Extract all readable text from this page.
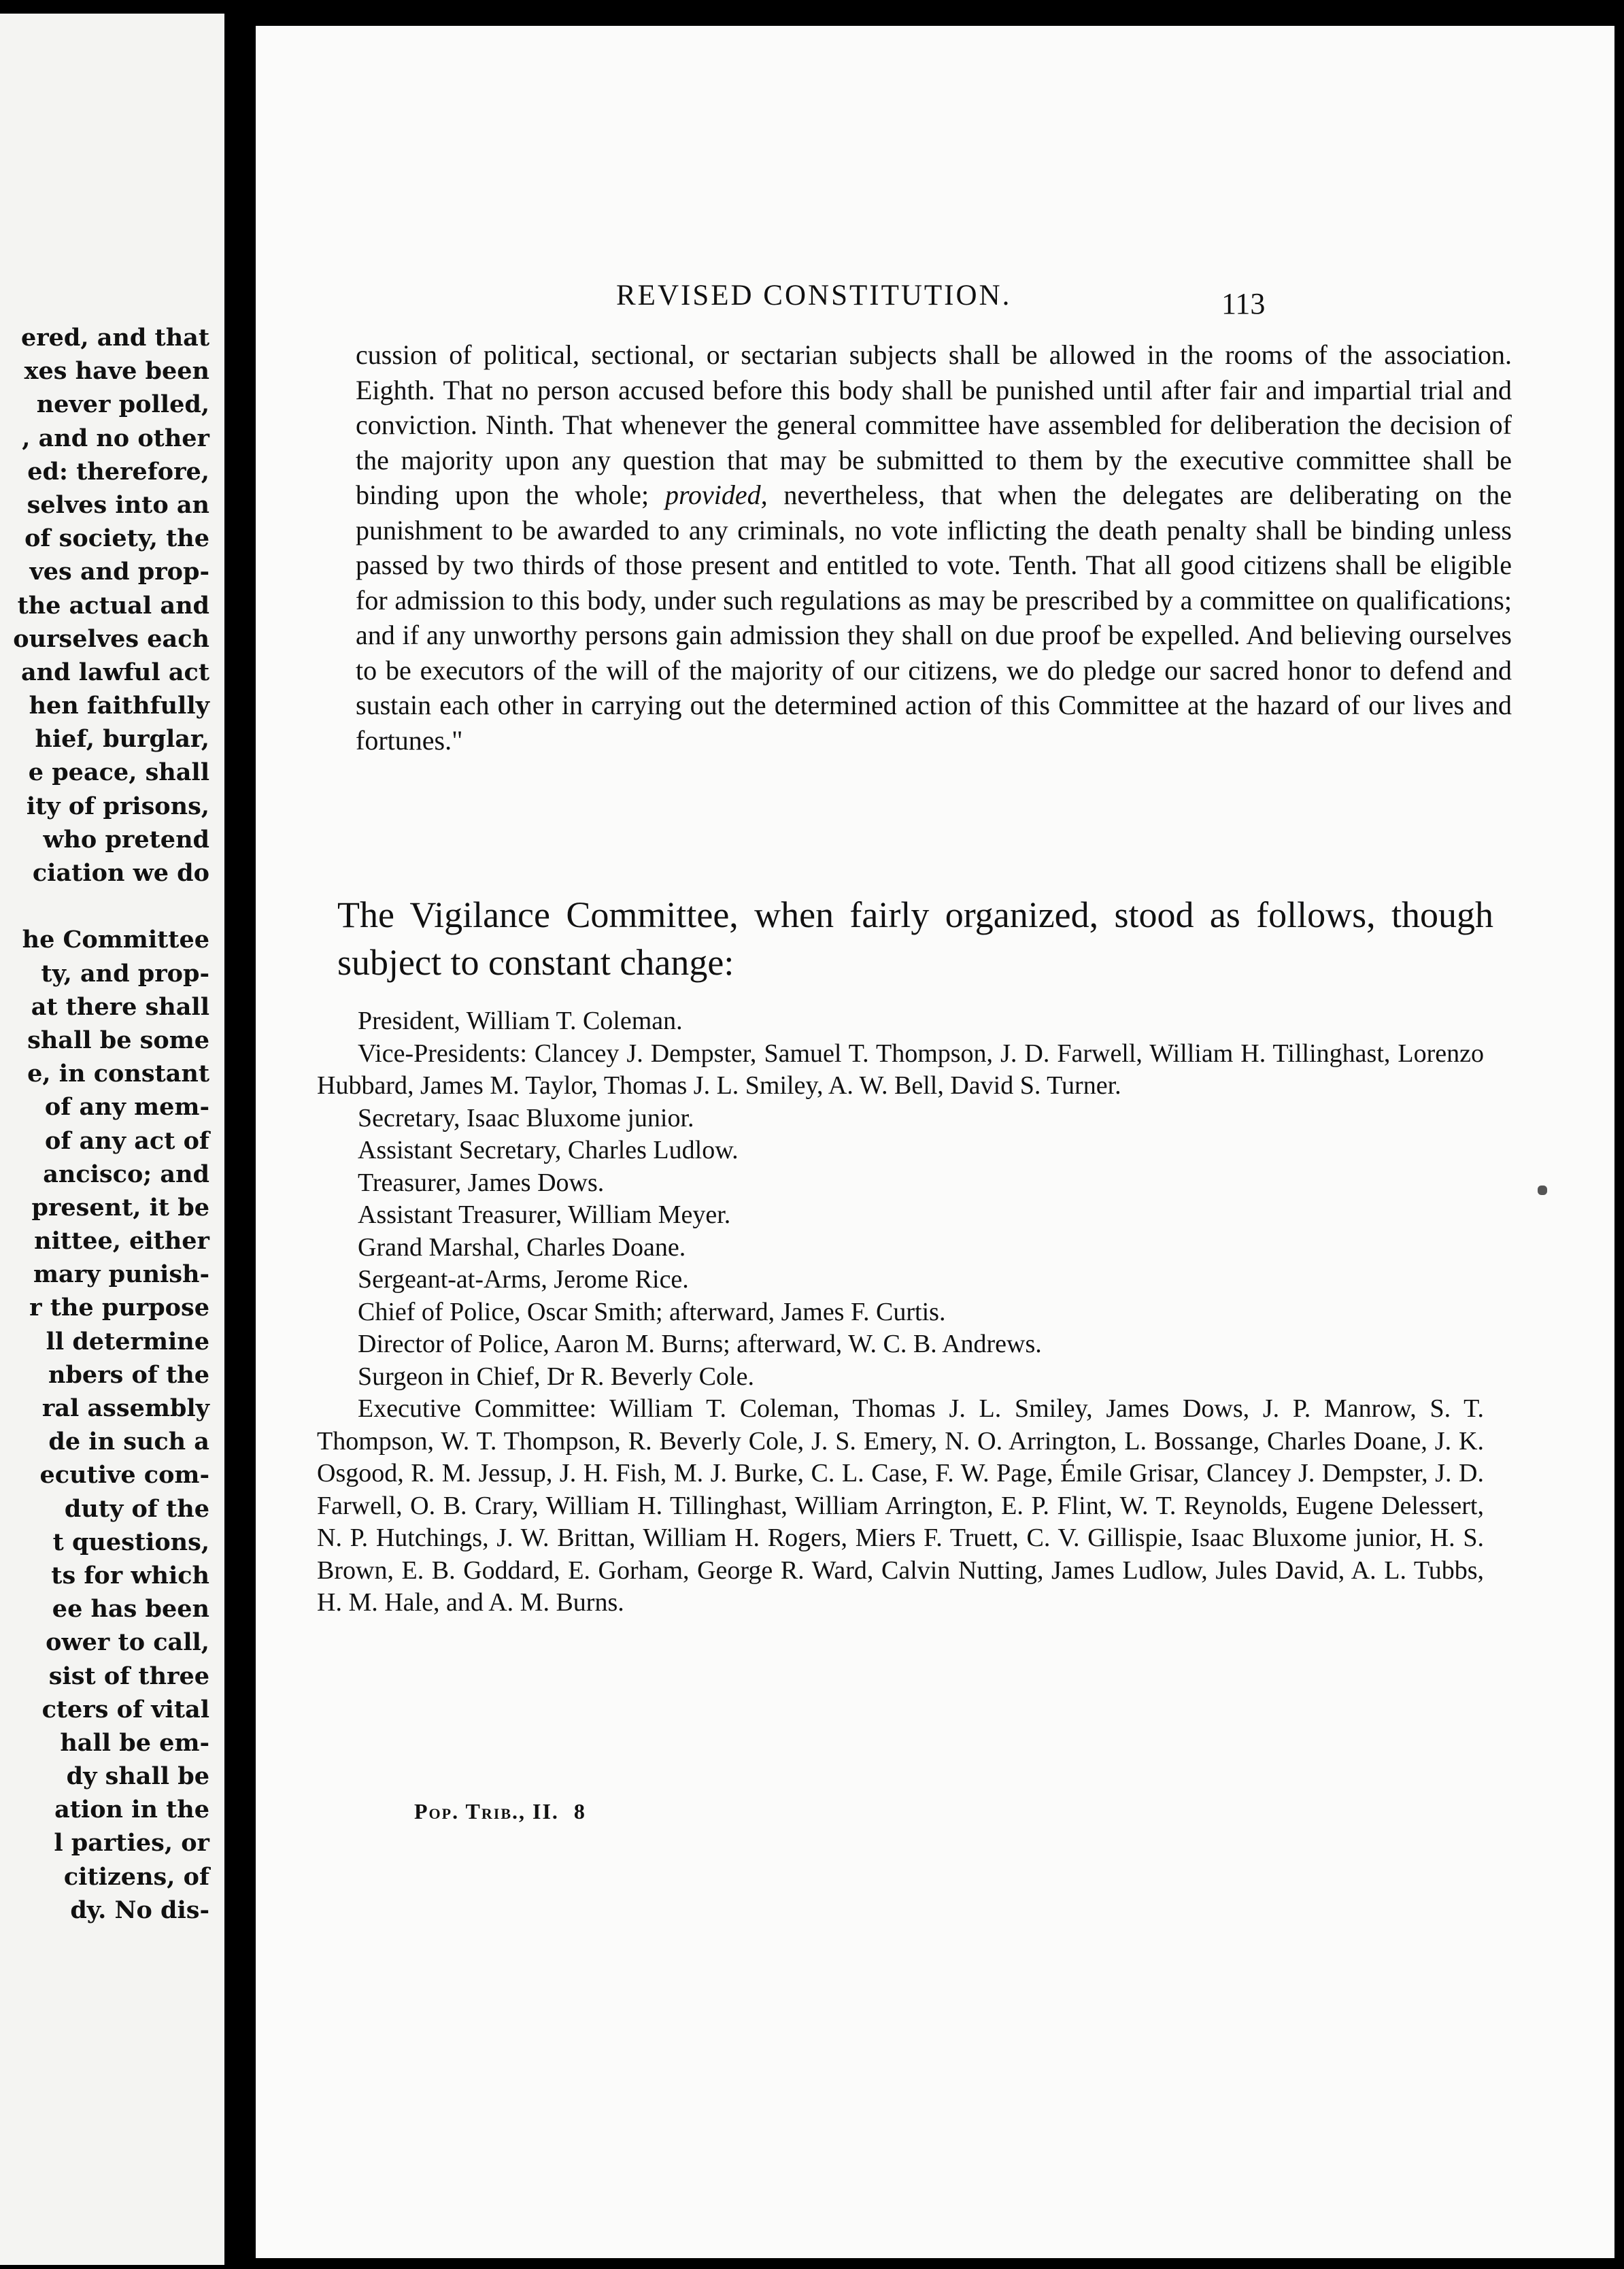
ered, and that
xes have been
never polled,
, and no other
ed: therefore,
selves into an
of society, the
ves and prop-
the actual and
ourselves each
and lawful act
hen faithfully
hief, burglar,
e peace, shall
ity of prisons,
who pretend
ciation we do
he Committee
ty, and prop-
at there shall
shall be some
e, in constant
of any mem-
of any act of
ancisco; and
present, it be
nittee, either
mary punish-
r the purpose
ll determine
nbers of the
ral assembly
de in such a
ecutive com-
duty of the
t questions,
ts for which
ee has been
ower to call,
sist of three
cters of vital
hall be em-
dy shall be
ation in the
l parties, or
citizens, of
dy. No dis-
REVISED CONSTITUTION.	113
cussion of political, sectional, or sectarian subjects shall be allowed in the rooms of the association. Eighth. That no person accused before this body shall be punished until after fair and impartial trial and conviction. Ninth. That whenever the general committee have assembled for deliberation the decision of the majority upon any question that may be submitted to them by the executive committee shall be binding upon the whole; provided, nevertheless, that when the delegates are deliberating on the punishment to be awarded to any criminals, no vote inflicting the death penalty shall be binding unless passed by two thirds of those present and entitled to vote. Tenth. That all good citizens shall be eligible for admission to this body, under such regulations as may be prescribed by a committee on qualifications; and if any unworthy persons gain admission they shall on due proof be expelled. And believing ourselves to be executors of the will of the majority of our citizens, we do pledge our sacred honor to defend and sustain each other in carrying out the determined action of this Committee at the hazard of our lives and fortunes."
The Vigilance Committee, when fairly organized, stood as follows, though subject to constant change:
President, William T. Coleman.
Vice-Presidents: Clancey J. Dempster, Samuel T. Thompson, J. D. Farwell, William H. Tillinghast, Lorenzo Hubbard, James M. Taylor, Thomas J. L. Smiley, A. W. Bell, David S. Turner.
Secretary, Isaac Bluxome junior.
Assistant Secretary, Charles Ludlow.
Treasurer, James Dows.
Assistant Treasurer, William Meyer.
Grand Marshal, Charles Doane.
Sergeant-at-Arms, Jerome Rice.
Chief of Police, Oscar Smith; afterward, James F. Curtis.
Director of Police, Aaron M. Burns; afterward, W. C. B. Andrews.
Surgeon in Chief, Dr R. Beverly Cole.
Executive Committee: William T. Coleman, Thomas J. L. Smiley, James Dows, J. P. Manrow, S. T. Thompson, W. T. Thompson, R. Beverly Cole, J. S. Emery, N. O. Arrington, L. Bossange, Charles Doane, J. K. Osgood, R. M. Jessup, J. H. Fish, M. J. Burke, C. L. Case, F. W. Page, Émile Grisar, Clancey J. Dempster, J. D. Farwell, O. B. Crary, William H. Tillinghast, William Arrington, E. P. Flint, W. T. Reynolds, Eugene Delessert, N. P. Hutchings, J. W. Brittan, William H. Rogers, Miers F. Truett, C. V. Gillispie, Isaac Bluxome junior, H. S. Brown, E. B. Goddard, E. Gorham, George R. Ward, Calvin Nutting, James Ludlow, Jules David, A. L. Tubbs, H. M. Hale, and A. M. Burns.
Pop. Trib., II. 8
